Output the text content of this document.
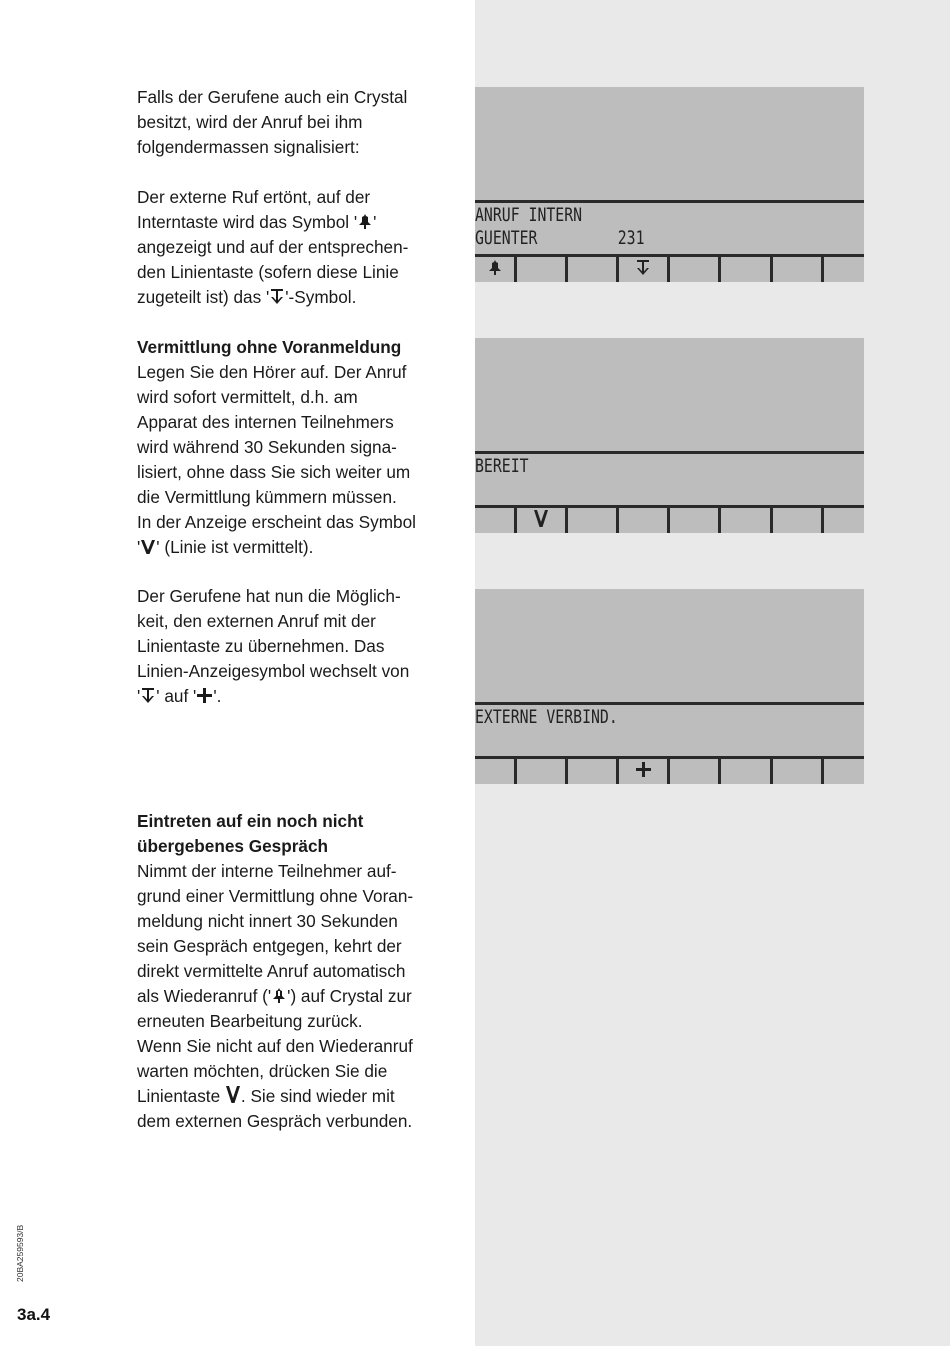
Falls der Gerufene auch ein Crystal

besitzt, wird der Anruf bei ihm

folgendermassen signalisiert:

Der externe Ruf ertönt, auf der

Interntaste wird das Symbol ' '

angezeigt und auf der entsprechen-

den Linientaste (sofern diese Linie

zugeteilt ist) das ' '-Symbol.

Vermittlung ohne Voranmeldung

Legen Sie den Hörer auf. Der Anruf

wird sofort vermittelt, d.h. am

Apparat des internen Teilnehmers

wird während 30 Sekunden signa-

lisiert, ohne dass Sie sich weiter um

die Vermittlung kümmern müssen.

In der Anzeige erscheint das Symbol

' ' (Linie ist vermittelt).

Der Gerufene hat nun die Möglich-

keit, den externen Anruf mit der

Linientaste zu übernehmen. Das

Linien-Anzeigesymbol wechselt von

' ' auf ' '.

Eintreten auf ein noch nicht

übergebenes Gespräch

Nimmt der interne Teilnehmer auf-

grund einer Vermittlung ohne Voran-

meldung nicht innert 30 Sekunden

sein Gespräch entgegen, kehrt der

direkt vermittelte Anruf automatisch

als Wiederanruf (' ') auf Crystal zur

erneuten Bearbeitung zurück.

Wenn Sie nicht auf den Wiederanruf

warten möchten, drücken Sie die

Linientaste
. Sie sind wieder mit

dem externen Gespräch verbunden.

ANRUF INTERN
GUENTER         231
BEREIT
EXTERNE VERBIND.
20BA259593/B
3a.4
